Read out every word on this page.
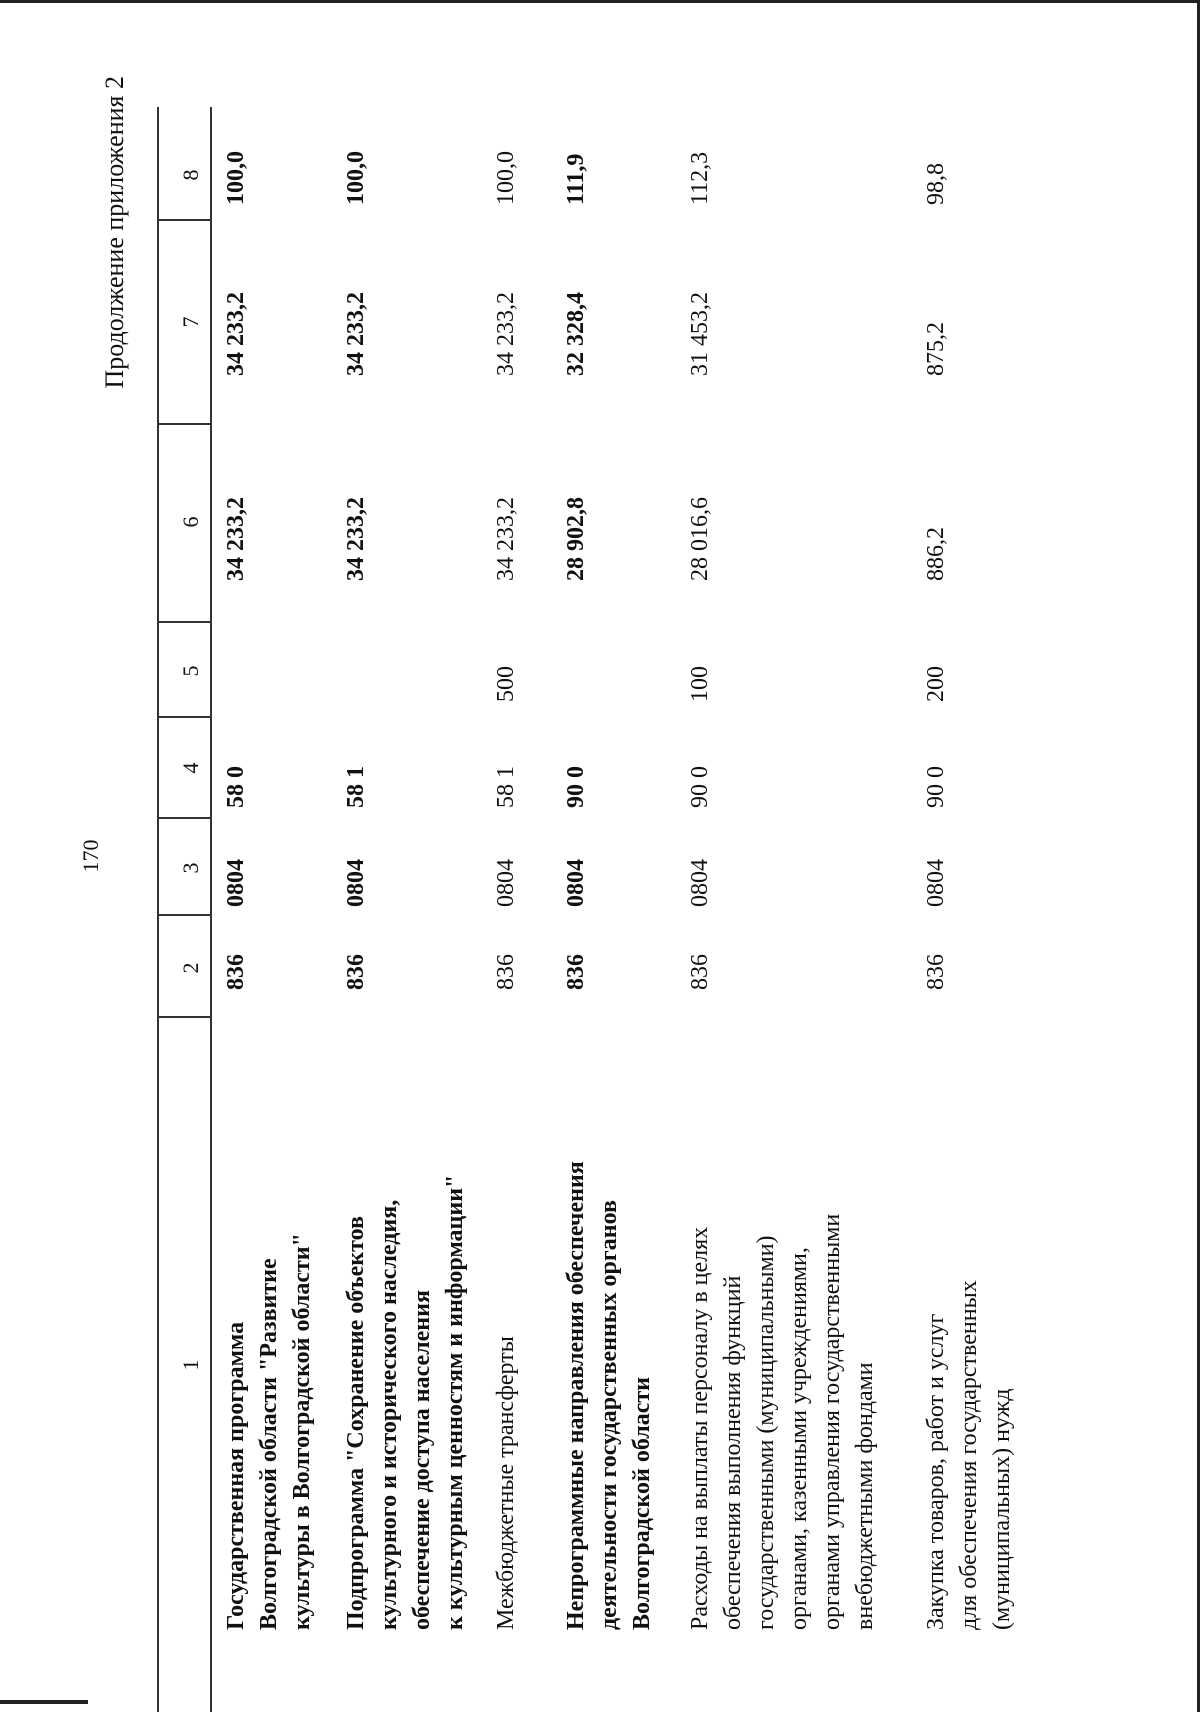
170
Продолжение приложения 2
1
2
3
4
5
6
7
8
Государственная программа Волгоградской области "Развитие культуры в Волгоградской области"
836
0804
58 0
34 233,2
34 233,2
100,0
Подпрограмма "Сохранение объектов культурного и исторического наследия, обеспечение доступа населения к культурным ценностям и информации"
836
0804
58 1
34 233,2
34 233,2
100,0
Межбюджетные трансферты
836
0804
58 1
500
34 233,2
34 233,2
100,0
Непрограммные направления обеспечения деятельности государственных органов Волгоградской области
836
0804
90 0
28 902,8
32 328,4
111,9
Расходы на выплаты персоналу в целях обеспечения выполнения функций государственными (муниципальными) органами, казенными учреждениями, органами управления государственными внебюджетными фондами
836
0804
90 0
100
28 016,6
31 453,2
112,3
Закупка товаров, работ и услуг для обеспечения государственных (муниципальных) нужд
836
0804
90 0
200
886,2
875,2
98,8
